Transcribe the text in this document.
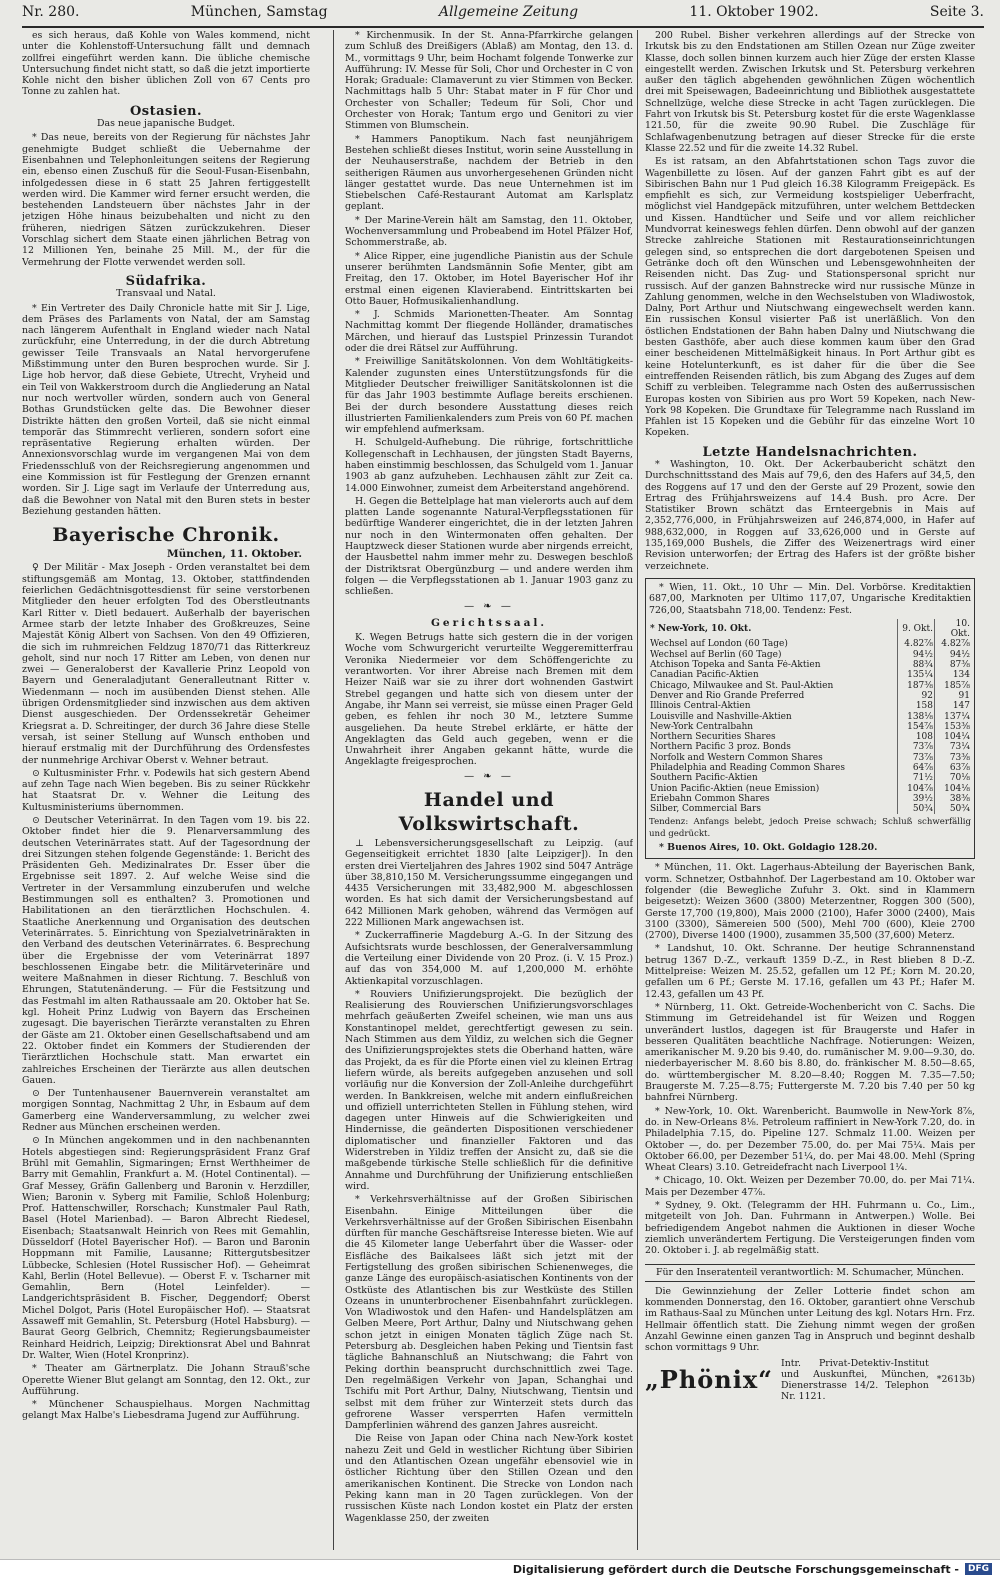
Nr. 280.	München, Samstag	Allgemeine Zeitung	11. Oktober 1902.	Seite 3.

es sich heraus, daß Kohle von Wales kommend, nicht unter die Kohlenstoff-Untersuchung fällt und demnach zollfrei eingeführt werden kann. Die übliche chemische Untersuchung findet nicht statt, so daß die jetzt importierte Kohle nicht den bisher üblichen Zoll von 67 Cents pro Tonne zu zahlen hat.

Ostasien.
Das neue japanische Budget.

* Das neue, bereits von der Regierung für nächstes Jahr genehmigte Budget schließt die Uebernahme der Eisenbahnen und Telephonleitungen seitens der Regierung ein, ebenso einen Zuschuß für die Seoul-Fusan-Eisenbahn, infolgedessen diese in 6 statt 25 Jahren fertiggestellt werden wird. Die Kammer wird ferner ersucht werden, die bestehenden Landsteuern über nächstes Jahr in der jetzigen Höhe hinaus beizubehalten und nicht zu den früheren, niedrigen Sätzen zurückzukehren. Dieser Vorschlag sichert dem Staate einen jährlichen Betrag von 12 Millionen Yen, beinahe 25 Mill. M., der für die Vermehrung der Flotte verwendet werden soll.

Südafrika.
Transvaal und Natal.

* Ein Vertreter des Daily Chronicle hatte mit Sir J. Lige, dem Präses des Parlaments von Natal, der am Samstag nach längerem Aufenthalt in England wieder nach Natal zurückfuhr, eine Unterredung, in der die durch Abtretung gewisser Teile Transvaals an Natal hervorgerufene Mißstimmung unter den Buren besprochen wurde. Sir J. Lige hob hervor, daß diese Gebiete, Utrecht, Vryheid und ein Teil von Wakkerstroom durch die Angliederung an Natal nur noch wertvoller würden, sondern auch von General Bothas Grundstücken gelte das. Die Bewohner dieser Distrikte hätten den großen Vorteil, daß sie nicht einmal temporär das Stimmrecht verlieren, sondern sofort eine repräsentative Regierung erhalten würden. Der Annexionsvorschlag wurde im vergangenen Mai von dem Friedensschluß von der Reichsregierung angenommen und eine Kommission ist für Festlegung der Grenzen ernannt worden. Sir J. Lige sagt im Verlaufe der Unterredung aus, daß die Bewohner von Natal mit den Buren stets in bester Beziehung gestanden hätten.

Bayerische Chronik.
München, 11. Oktober.

♀ Der Militär - Max Joseph - Orden veranstaltet bei dem stiftungsgemäß am Montag, 13. Oktober, stattfindenden feierlichen Gedächtnisgottesdienst für seine verstorbenen Mitglieder den heuer erfolgten Tod des Oberstleutnants Karl Ritter v. Dietl bedauert. Außerhalb der bayerischen Armee starb der letzte Inhaber des Großkreuzes, Seine Majestät König Albert von Sachsen. Von den 49 Offizieren, die sich im ruhmreichen Feldzug 1870/71 das Ritterkreuz geholt, sind nur noch 17 Ritter am Leben, von denen nur zwei — Generaloberst der Kavallerie Prinz Leopold von Bayern und Generaladjutant Generalleutnant Ritter v. Wiedenmann — noch im ausübenden Dienst stehen. Alle übrigen Ordensmitglieder sind inzwischen aus dem aktiven Dienst ausgeschieden. Der Ordenssekretär Geheimer Kriegsrat a. D. Schreitinger, der durch 36 Jahre diese Stelle versah, ist seiner Stellung auf Wunsch enthoben und hierauf erstmalig mit der Durchführung des Ordensfestes der nunmehrige Archivar Oberst v. Wehner betraut.

⊙ Kultusminister Frhr. v. Podewils hat sich gestern Abend auf zehn Tage nach Wien begeben. Bis zu seiner Rückkehr hat Staatsrat Dr. v. Wehner die Leitung des Kultusministeriums übernommen.

⊙ Deutscher Veterinärrat. In den Tagen vom 19. bis 22. Oktober findet hier die 9. Plenarversammlung des deutschen Veterinärrates statt. Auf der Tagesordnung der drei Sitzungen stehen folgende Gegenstände: 1. Bericht des Präsidenten Geh. Medizinalrates Dr. Esser über die Ergebnisse seit 1897. 2. Auf welche Weise sind die Vertreter in der Versammlung einzuberufen und welche Bestimmungen soll es enthalten? 3. Promotionen und Habilitationen an den tierärztlichen Hochschulen. 4. Staatliche Anerkennung und Organisation des deutschen Veterinärrates. 5. Einrichtung von Spezialvetrinärakten in den Verband des deutschen Veterinärrates. 6. Besprechung über die Ergebnisse der vom Veterinärrat 1897 beschlossenen Eingabe betr. die Militärveterinäre und weitere Maßnahmen in dieser Richtung. 7. Beschluß von Ehrungen, Statutenänderung. — Für die Festsitzung und das Festmahl im alten Rathaussaale am 20. Oktober hat Se. kgl. Hoheit Prinz Ludwig von Bayern das Erscheinen zugesagt. Die bayerischen Tierärzte veranstalten zu Ehren der Gäste am 21. Oktober einen Gesellschaftsabend und am 22. Oktober findet ein Kommers der Studierenden der Tierärztlichen Hochschule statt. Man erwartet ein zahlreiches Erscheinen der Tierärzte aus allen deutschen Gauen.

⊙ Der Tuntenhausener Bauernverein veranstaltet am morgigen Sonntag, Nachmittag 2 Uhr, in Esbaum auf dem Gamerberg eine Wanderversammlung, zu welcher zwei Redner aus München erscheinen werden.

⊙ In München angekommen und in den nachbenannten Hotels abgestiegen sind: Regierungspräsident Franz Graf Brühl mit Gemahlin, Sigmaringen; Ernst Werthheimer de Barry mit Gemahlin, Frankfurt a. M. (Hotel Continental). — Graf Messey, Gräfin Gallenberg und Baronin v. Herzdiller, Wien; Baronin v. Syberg mit Familie, Schloß Holenburg; Prof. Hattenschwiller, Rorschach; Kunstmaler Paul Rath, Basel (Hotel Marienbad). — Baron Albrecht Riedesel, Eisenbach; Staatsanwalt Heinrich von Rees mit Gemahlin, Düsseldorf (Hotel Bayerischer Hof). — Baron und Baronin Hoppmann mit Familie, Lausanne; Rittergutsbesitzer Lübbecke, Schlesien (Hotel Russischer Hof). — Geheimrat Kahl, Berlin (Hotel Bellevue). — Oberst F. v. Tscharner mit Gemahlin, Bern (Hotel Leinfelder). — Landgerichtspräsident B. Fischer, Deggendorf; Oberst Michel Dolgot, Paris (Hotel Europäischer Hof). — Staatsrat Assaweff mit Gemahlin, St. Petersburg (Hotel Habsburg). — Baurat Georg Gelbrich, Chemnitz; Regierungsbaumeister Reinhard Heidrich, Leipzig; Direktionsrat Abel und Bahnrat Dr. Walter, Wien (Hotel Kronprinz).

* Theater am Gärtnerplatz. Die Johann Strauß'sche Operette Wiener Blut gelangt am Sonntag, den 12. Okt., zur Aufführung.

* Münchener Schauspielhaus. Morgen Nachmittag gelangt Max Halbe's Liebesdrama Jugend zur Aufführung.

* Kirchenmusik. In der St. Anna-Pfarrkirche gelangen zum Schluß des Dreißigers (Ablaß) am Montag, den 13. d. M., vormittags 9 Uhr, beim Hochamt folgende Tonwerke zur Aufführung: IV. Messe für Soli, Chor und Orchester in C von Horak; Graduale: Clamaverunt zu vier Stimmen von Becker. Nachmittags halb 5 Uhr: Stabat mater in F für Chor und Orchester von Schaller; Tedeum für Soli, Chor und Orchester von Horak; Tantum ergo und Genitori zu vier Stimmen von Blumschein.

* Hammers Panoptikum. Nach fast neunjährigem Bestehen schließt dieses Institut, worin seine Ausstellung in der Neuhauserstraße, nachdem der Betrieb in den seitherigen Räumen aus unvorhergesehenen Gründen nicht länger gestattet wurde. Das neue Unternehmen ist im Stiebelschen Café-Restaurant Automat am Karlsplatz geplant.

* Der Marine-Verein hält am Samstag, den 11. Oktober, Wochenversammlung und Probeabend im Hotel Pfälzer Hof, Schommerstraße, ab.

* Alice Ripper, eine jugendliche Pianistin aus der Schule unserer berühmten Landsmännin Sofie Menter, gibt am Freitag, den 17. Oktober, im Hotel Bayerischer Hof ihr erstmal einen eigenen Klavierabend. Eintrittskarten bei Otto Bauer, Hofmusikalienhandlung.

* J. Schmids Marionetten-Theater. Am Sonntag Nachmittag kommt Der fliegende Holländer, dramatisches Märchen, und hierauf das Lustspiel Prinzessin Turandot oder die drei Rätsel zur Aufführung.

* Freiwillige Sanitätskolonnen. Von dem Wohltätigkeits-Kalender zugunsten eines Unterstützungsfonds für die Mitglieder Deutscher freiwilliger Sanitätskolonnen ist die für das Jahr 1903 bestimmte Auflage bereits erschienen. Bei der durch besondere Ausstattung dieses reich illustrierten Familienkalenders zum Preis von 60 Pf. machen wir empfehlend aufmerksam.

H. Schulgeld-Aufhebung. Die rührige, fortschrittliche Kollegenschaft in Lechhausen, der jüngsten Stadt Bayerns, haben einstimmig beschlossen, das Schulgeld vom 1. Januar 1903 ab ganz aufzuheben. Lechhausen zählt zur Zeit ca. 14.000 Einwohner, zumeist dem Arbeiterstand angehörend.

H. Gegen die Bettelplage hat man vielerorts auch auf dem platten Lande sogenannte Natural-Verpflegsstationen für bedürftige Wanderer eingerichtet, die in der letzten Jahren nur noch in den Wintermonaten offen gehalten. Der Hauptzweck dieser Stationen wurde aber nirgends erreicht, der Hausbettel nahm immer mehr zu. Deswegen beschloß der Distriktsrat Obergünzburg — und andere werden ihm folgen — die Verpflegsstationen ab 1. Januar 1903 ganz zu schließen.

— ❧ —
Gerichtssaal.

K. Wegen Betrugs hatte sich gestern die in der vorigen Woche vom Schwurgericht verurteilte Weggeremitterfrau Veronika Niedermeier vor dem Schöffengerichte zu verantworten. Vor ihrer Abreise nach Bremen mit dem Heizer Naiß war sie zu ihrer dort wohnenden Gastwirt Strebel gegangen und hatte sich von diesem unter der Angabe, ihr Mann sei verreist, sie müsse einen Prager Geld geben, es fehlen ihr noch 30 M., letztere Summe ausgeliehen. Da heute Strebel erklärte, er hätte der Angeklagten das Geld auch gegeben, wenn er die Unwahrheit ihrer Angaben gekannt hätte, wurde die Angeklagte freigesprochen.

— ❧ —
Handel und Volkswirtschaft.

⊥ Lebensversicherungsgesellschaft zu Leipzig. (auf Gegenseitigkeit errichtet 1830 [alte Leipziger]). In den ersten drei Vierteljahren des Jahres 1902 sind 5047 Anträge über 38,810,150 M. Versicherungssumme eingegangen und 4435 Versicherungen mit 33,482,900 M. abgeschlossen worden. Es hat sich damit der Versicherungsbestand auf 642 Millionen Mark gehoben, während das Vermögen auf 222 Millionen Mark angewachsen ist.

* Zuckerraffinerie Magdeburg A.-G. In der Sitzung des Aufsichtsrats wurde beschlossen, der Generalversammlung die Verteilung einer Dividende von 20 Proz. (i. V. 15 Proz.) auf das von 354,000 M. auf 1,200,000 M. erhöhte Aktienkapital vorzuschlagen.

* Rouviers Unifizierungsprojekt. Die bezüglich der Realisierung des Rouvierschen Unifizierungsvorschlages mehrfach geäußerten Zweifel scheinen, wie man uns aus Konstantinopel meldet, gerechtfertigt gewesen zu sein. Nach Stimmen aus dem Yildiz, zu welchen sich die Gegner des Unifizierungsprojektes stets die Oberhand hatten, wäre das Projekt, da es für die Pforte einen viel zu kleinen Ertrag liefern würde, als bereits aufgegeben anzusehen und soll vorläufig nur die Konversion der Zoll-Anleihe durchgeführt werden. In Bankkreisen, welche mit andern einflußreichen und offiziell unterrichteten Stellen in Fühlung stehen, wird dagegen unter Hinweis auf die Schwierigkeiten und Hindernisse, die geänderten Dispositionen verschiedener diplomatischer und finanzieller Faktoren und das Widerstreben in Yildiz treffen der Ansicht zu, daß sie die maßgebende türkische Stelle schließlich für die definitive Annahme und Durchführung der Unifizierung entschließen wird.

* Verkehrsverhältnisse auf der Großen Sibirischen Eisenbahn. Einige Mitteilungen über die Verkehrsverhältnisse auf der Großen Sibirischen Eisenbahn dürften für manche Geschäftsreise Interesse bieten. Wie auf die 45 Kilometer lange Ueberfahrt über die Wasser- oder Eisfläche des Baikalsees läßt sich jetzt mit der Fertigstellung des großen sibirischen Schienenweges, die ganze Länge des europäisch-asiatischen Kontinents von der Ostküste des Atlantischen bis zur Westküste des Stillen Ozeans in ununterbrochener Eisenbahnfahrt zurücklegen. Von Wladiwostok und den Hafen- und Handelsplätzen am Gelben Meere, Port Arthur, Dalny und Niutschwang gehen schon jetzt in einigen Monaten täglich Züge nach St. Petersburg ab. Desgleichen haben Peking und Tientsin fast tägliche Bahnanschluß an Niutschwang; die Fahrt von Peking dorthin beansprucht durchschnittlich zwei Tage. Den regelmäßigen Verkehr von Japan, Schanghai und Tschifu mit Port Arthur, Dalny, Niutschwang, Tientsin und selbst mit dem früher zur Winterzeit stets durch das gefrorene Wasser versperrten Hafen vermitteln Dampferlinien während des ganzen Jahres ausreicht.

Die Reise von Japan oder China nach New-York kostet nahezu Zeit und Geld in westlicher Richtung über Sibirien und den Atlantischen Ozean ungefähr ebensoviel wie in östlicher Richtung über den Stillen Ozean und den amerikanischen Kontinent. Die Strecke von London nach Peking kann man in 20 Tagen zurücklegen. Von der russischen Küste nach London kostet ein Platz der ersten Wagenklasse 250, der zweiten

200 Rubel. Bisher verkehren allerdings auf der Strecke von Irkutsk bis zu den Endstationen am Stillen Ozean nur Züge zweiter Klasse, doch sollen binnen kurzem auch hier Züge der ersten Klasse eingestellt werden. Zwischen Irkutsk und St. Petersburg verkehren außer den täglich abgehenden gewöhnlichen Zügen wöchentlich drei mit Speisewagen, Badeeinrichtung und Bibliothek ausgestattete Schnellzüge, welche diese Strecke in acht Tagen zurücklegen. Die Fahrt von Irkutsk bis St. Petersburg kostet für die erste Wagenklasse 121.50, für die zweite 90.90 Rubel. Die Zuschläge für Schlafwagenbenutzung betragen auf dieser Strecke für die erste Klasse 22.52 und für die zweite 14.32 Rubel.

Es ist ratsam, an den Abfahrtstationen schon Tags zuvor die Wagenbillette zu lösen. Auf der ganzen Fahrt gibt es auf der Sibirischen Bahn nur 1 Pud gleich 16.38 Kilogramm Freigepäck. Es empfiehlt es sich, zur Vermeidung kostspieliger Ueberfracht, möglichst viel Handgepäck mitzuführen, unter welchem Bettdecken und Kissen. Handtücher und Seife und vor allem reichlicher Mundvorrat keineswegs fehlen dürfen. Denn obwohl auf der ganzen Strecke zahlreiche Stationen mit Restaurationseinrichtungen gelegen sind, so entsprechen die dort dargebotenen Speisen und Getränke doch oft den Wünschen und Lebensgewohnheiten der Reisenden nicht. Das Zug- und Stationspersonal spricht nur russisch. Auf der ganzen Bahnstrecke wird nur russische Münze in Zahlung genommen, welche in den Wechselstuben von Wladiwostok, Dalny, Port Arthur und Niutschwang eingewechselt werden kann. Ein russischen Konsul visierter Paß ist unerläßlich. Von den östlichen Endstationen der Bahn haben Dalny und Niutschwang die besten Gasthöfe, aber auch diese kommen kaum über den Grad einer bescheidenen Mittelmäßigkeit hinaus. In Port Arthur gibt es keine Hotelunterkunft, es ist daher für die über die See eintreffenden Reisenden rätlich, bis zum Abgang des Zuges auf dem Schiff zu verbleiben. Telegramme nach Osten des außerrussischen Europas kosten von Sibirien aus pro Wort 59 Kopeken, nach New-York 98 Kopeken. Die Grundtaxe für Telegramme nach Russland im Pfahlen ist 15 Kopeken und die Gebühr für das einzelne Wort 10 Kopeken.

Letzte Handelsnachrichten.

* Washington, 10. Okt. Der Ackerbaubericht schätzt den Durchschnittsstand des Mais auf 79,6, den des Hafers auf 34,5, den des Roggens auf 17 und den der Gerste auf 29 Prozent, sowie den Ertrag des Frühjahrsweizens auf 14.4 Bush. pro Acre. Der Statistiker Brown schätzt das Ernteergebnis in Mais auf 2,352,776,000, in Frühjahrsweizen auf 246,874,000, in Hafer auf 988,632,000, in Roggen auf 33,626,000 und in Gerste auf 135,169,000 Bushels, die Ziffer des Weizenertrags wird einer Revision unterworfen; der Ertrag des Hafers ist der größte bisher verzeichnete.

* Wien, 11. Okt., 10 Uhr — Min. Del. Vorbörse. Kreditaktien 687,00, Marknoten per Ultimo 117,07, Ungarische Kreditaktien 726,00, Staatsbahn 718,00. Tendenz: Fest.

* New-York, 10. Okt.	9. Okt.	10. Okt.
Wechsel auf London (60 Tage)	4.82⅞	4.82⅞
Wechsel auf Berlin (60 Tage)	94½	94½
Atchison Topeka and Santa Fé-Aktien	88¾	87⅜
Canadian Pacific-Aktien	135¼	134
Chicago, Milwaukee and St. Paul-Aktien	187⅜	185⅞
Denver and Rio Grande Preferred	92	91
Illinois Central-Aktien	158	147
Louisville and Nashville-Aktien	138⅛	137¼
New-York Centralbahn	154⅞	153⅜
Northern Securities Shares	108	104¼
Northern Pacific 3 proz. Bonds	73⅞	73¼
Norfolk and Western Common Shares	73⅞	73⅜
Philadelphia and Reading Common Shares	64⅞	63⅞
Southern Pacific-Aktien	71½	70⅛
Union Pacific-Aktien (neue Emission)	104⅞	104⅛
Eriebahn Common Shares	39½	38⅜
Silber, Commercial Bars	50¾	50¾

Tendenz: Anfangs belebt, jedoch Preise schwach; Schluß schwerfällig und gedrückt.

* Buenos Aires, 10. Okt. Goldagio 128.20.

* München, 11. Okt. Lagerhaus-Abteilung der Bayerischen Bank, vorm. Schnetzer, Ostbahnhof. Der Lagerbestand am 10. Oktober war folgender (die Bewegliche Zufuhr 3. Okt. sind in Klammern beigesetzt): Weizen 3600 (3800) Meterzentner, Roggen 300 (500), Gerste 17,700 (19,800), Mais 2000 (2100), Hafer 3000 (2400), Mais 3100 (3300), Sämereien 500 (500), Mehl 700 (600), Kleie 2700 (2700), Diverse 1400 (1900), zusammen 35,500 (37,600) Meterz.

* Landshut, 10. Okt. Schranne. Der heutige Schrannenstand betrug 1367 D.-Z., verkauft 1359 D.-Z., in Rest blieben 8 D.-Z. Mittelpreise: Weizen M. 25.52, gefallen um 12 Pf.; Korn M. 20.20, gefallen um 6 Pf.; Gerste M. 17.16, gefallen um 43 Pf.; Hafer M. 12.43, gefallen um 43 Pf.

* Nürnberg, 11. Okt. Getreide-Wochenbericht von C. Sachs. Die Stimmung im Getreidehandel ist für Weizen und Roggen unverändert lustlos, dagegen ist für Braugerste und Hafer in besseren Qualitäten beachtliche Nachfrage. Notierungen: Weizen, amerikanischer M. 9.20 bis 9.40, do. rumänischer M. 9.00—9.30, do. niederbayerischer M. 8.60 bis 8.80, do. fränkischer M. 8.50—8.65, do. württembergischer M. 8.20—8.40; Roggen M. 7.35—7.50; Braugerste M. 7.25—8.75; Futtergerste M. 7.20 bis 7.40 per 50 kg bahnfrei Nürnberg.

* New-York, 10. Okt. Warenbericht. Baumwolle in New-York 8⅞, do. in New-Orleans 8⅛. Petroleum raffiniert in New-York 7.20, do. in Philadelphia 7.15, do. Pipeline 127. Schmalz 11.00. Weizen per Oktober —, do. per Dezember 75.00, do. per Mai 75¼. Mais per Oktober 66.00, per Dezember 51¼, do. per Mai 48.00. Mehl (Spring Wheat Clears) 3.10. Getreidefracht nach Liverpool 1¼.

* Chicago, 10. Okt. Weizen per Dezember 70.00, do. per Mai 71¼. Mais per Dezember 47⅞.

* Sydney, 9. Okt. (Telegramm der HH. Fuhrmann u. Co., Lim., mitgeteilt von Joh. Dan. Fuhrmann in Antwerpen.) Wolle. Bei befriedigendem Angebot nahmen die Auktionen in dieser Woche ziemlich unverändertem Fertigung. Die Versteigerungen finden vom 20. Oktober i. J. ab regelmäßig statt.

Für den Inseratenteil verantwortlich: M. Schumacher, München.

Die Gewinnziehung der Zeller Lotterie findet schon am kommenden Donnerstag, den 16. Oktober, garantiert ohne Verschub im Rathaus-Saal zu München unter Leitung des kgl. Notars Hrn. Frz. Hellmair öffentlich statt. Die Ziehung nimmt wegen der großen Anzahl Gewinne einen ganzen Tag in Anspruch und beginnt deshalb schon vormittags 9 Uhr.

„Phönix“
Intr. Privat-Detektiv-Institut und Auskunftei, München, Dienerstrasse 14/2. Telephon Nr. 1121.
*2613b)
Digitalisierung gefördert durch die Deutsche Forschungsgemeinschaft -	DFG
